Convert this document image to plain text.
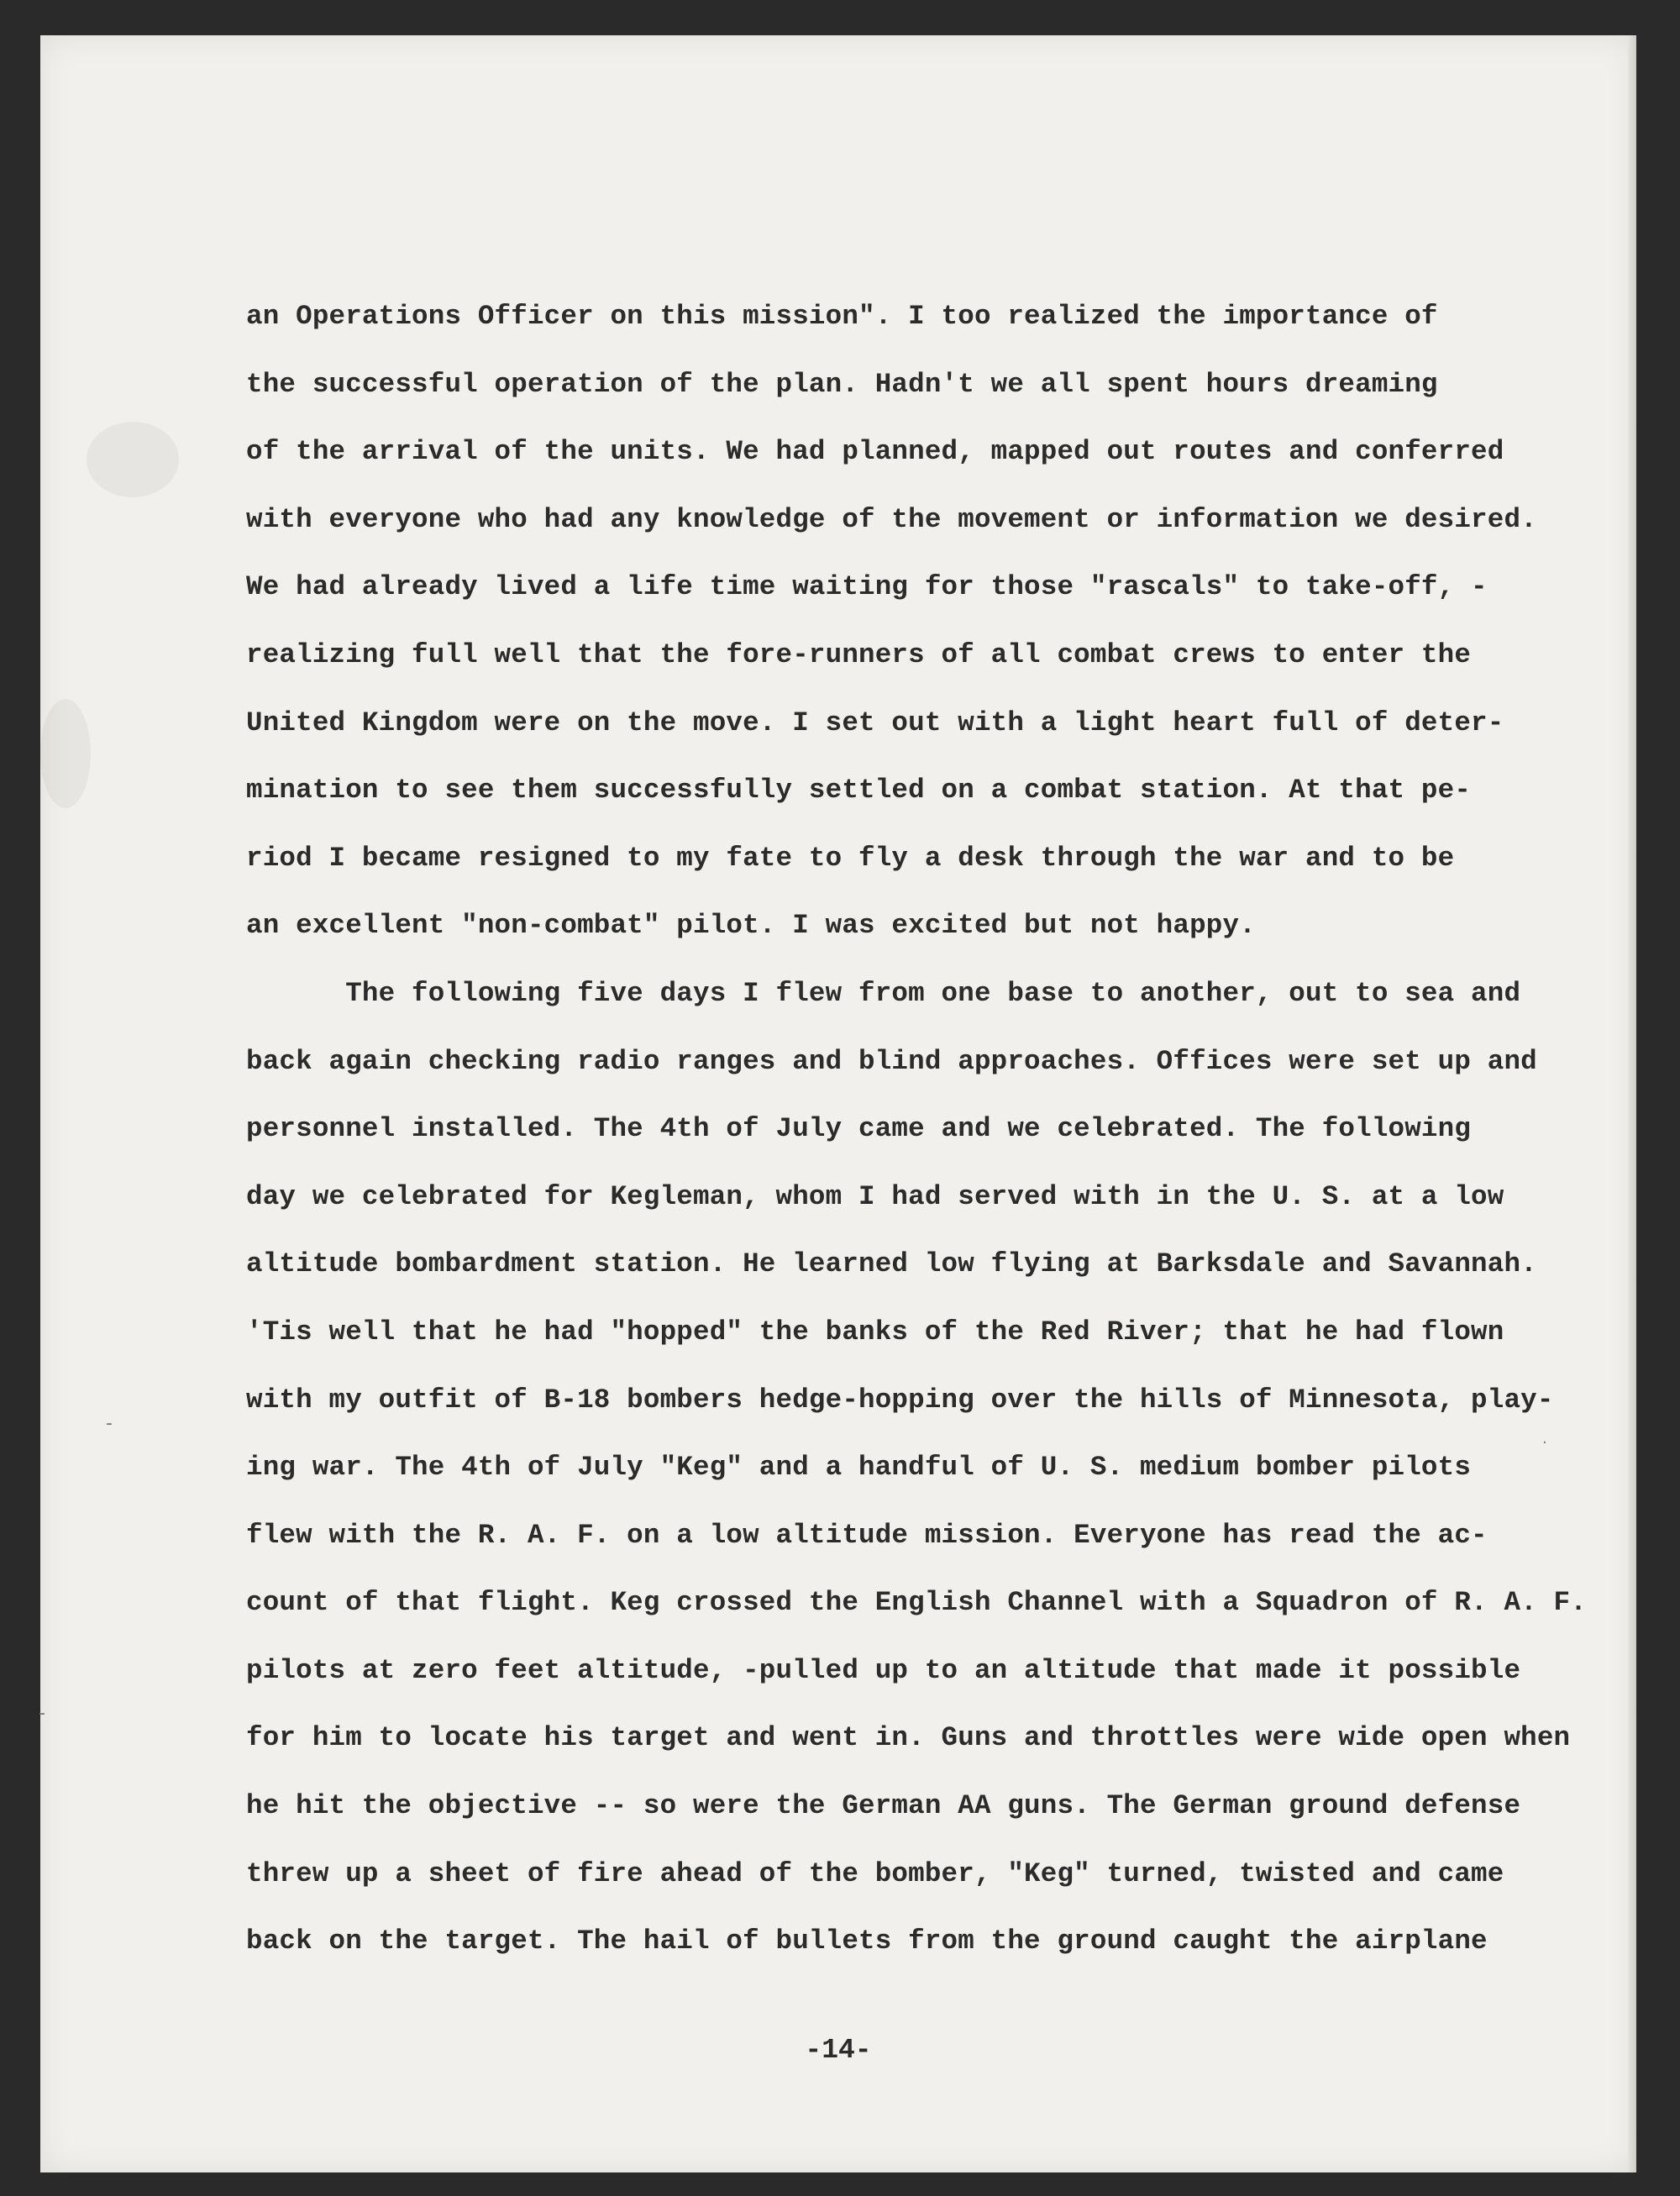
-
-
·
an Operations Officer on this mission". I too realized the importance of
the successful operation of the plan. Hadn't we all spent hours dreaming
of the arrival of the units. We had planned, mapped out routes and conferred
with everyone who had any knowledge of the movement or information we desired.
We had already lived a life time waiting for those "rascals" to take-off, -
realizing full well that the fore-runners of all combat crews to enter the
United Kingdom were on the move. I set out with a light heart full of deter-
mination to see them successfully settled on a combat station. At that pe-
riod I became resigned to my fate to fly a desk through the war and to be
an excellent "non-combat" pilot. I was excited but not happy.
The following five days I flew from one base to another, out to sea and
back again checking radio ranges and blind approaches. Offices were set up and
personnel installed. The 4th of July came and we celebrated. The following
day we celebrated for Kegleman, whom I had served with in the U. S. at a low
altitude bombardment station. He learned low flying at Barksdale and Savannah.
'Tis well that he had "hopped" the banks of the Red River; that he had flown
with my outfit of B-18 bombers hedge-hopping over the hills of Minnesota, play-
ing war. The 4th of July "Keg" and a handful of U. S. medium bomber pilots
flew with the R. A. F. on a low altitude mission. Everyone has read the ac-
count of that flight. Keg crossed the English Channel with a Squadron of R. A. F.
pilots at zero feet altitude, -pulled up to an altitude that made it possible
for him to locate his target and went in. Guns and throttles were wide open when
he hit the objective -- so were the German AA guns. The German ground defense
threw up a sheet of fire ahead of the bomber, "Keg" turned, twisted and came
back on the target. The hail of bullets from the ground caught the airplane
-14-
